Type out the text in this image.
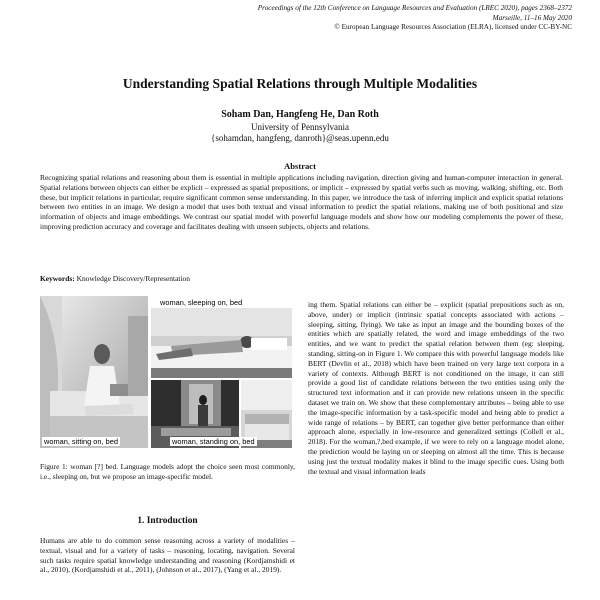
Proceedings of the 12th Conference on Language Resources and Evaluation (LREC 2020), pages 2368–2372
Marseille, 11–16 May 2020
© European Language Resources Association (ELRA), licensed under CC-BY-NC
Understanding Spatial Relations through Multiple Modalities
Soham Dan, Hangfeng He, Dan Roth
University of Pennsylvania
{sohamdan, hangfeng, danroth}@seas.upenn.edu
Abstract
Recognizing spatial relations and reasoning about them is essential in multiple applications including navigation, direction giving and human-computer interaction in general. Spatial relations between objects can either be explicit – expressed as spatial prepositions, or implicit – expressed by spatial verbs such as moving, walking, shifting, etc. Both these, but implicit relations in particular, require significant common sense understanding. In this paper, we introduce the task of inferring implicit and explicit spatial relations between two entities in an image. We design a model that uses both textual and visual information to predict the spatial relations, making use of both positional and size information of objects and image embeddings. We contrast our spatial model with powerful language models and show how our modeling complements the power of these, improving prediction accuracy and coverage and facilitates dealing with unseen subjects, objects and relations.
Keywords: Knowledge Discovery/Representation
woman, sleeping on, bed
woman, sitting on, bed	woman, standing on, bed
Figure 1: woman [?] bed. Language models adopt the choice seen most commonly, i.e., sleeping on, but we propose an image-specific model.
1. Introduction
Humans are able to do common sense reasoning across a variety of modalities – textual, visual and for a variety of tasks – reasoning, locating, navigation. Several such tasks require spatial knowledge understanding and reasoning (Kordjamshidi et al., 2010), (Kordjamshidi et al., 2011), (Johnson et al., 2017), (Yang et al., 2019).
ing them. Spatial relations can either be – explicit (spatial prepositions such as on, above, under) or implicit (intrinsic spatial concepts associated with actions – sleeping, sitting, flying). We take as input an image and the bounding boxes of the entities which are spatially related, the word and image embeddings of the two entities, and we want to predict the spatial relation between them (eg: sleeping, standing, sitting-on in Figure 1. We compare this with powerful language models like BERT (Devlin et al., 2018) which have been trained on very large text corpora in a variety of contexts. Although BERT is not conditioned on the image, it can still provide a good list of candidate relations between the two entities using only the structured text information and it can provide new relations unseen in the specific dataset we train on. We show that these complementary attributes – being able to use the image-specific information by a task-specific model and being able to predict a wide range of relations – by BERT, can together give better performance than either approach alone, especially in low-resource and generalized settings (Collell et al., 2018). For the woman,?,bed example, if we were to rely on a language model alone, the prediction would be laying on or sleeping on almost all the time. This is because using just the textual modality makes it blind to the image specific cues. Using both the textual and visual information leads
